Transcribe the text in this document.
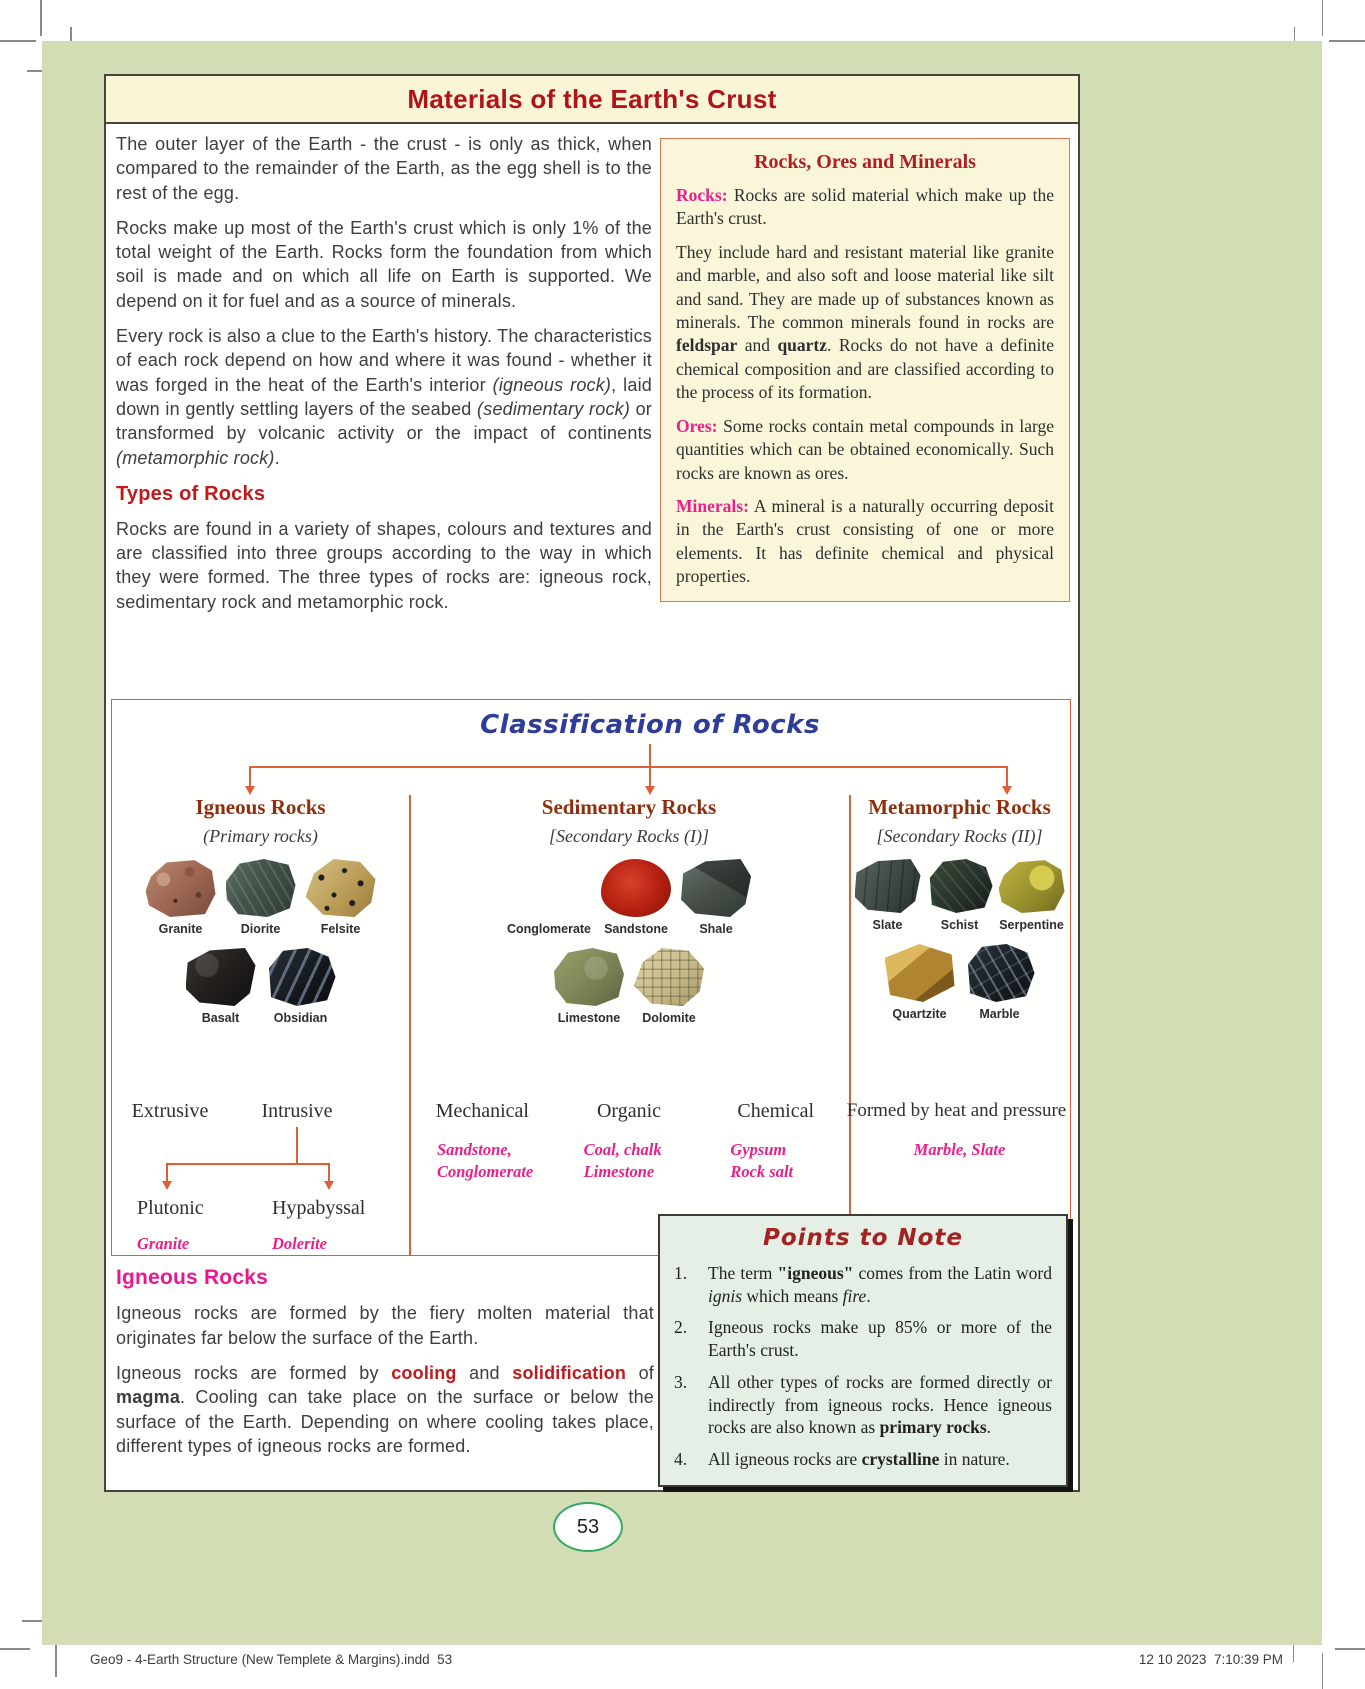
Materials of the Earth's Crust

The outer layer of the Earth - the crust - is only as thick, when compared to the remainder of the Earth, as the egg shell is to the rest of the egg.

Rocks make up most of the Earth's crust which is only 1% of the total weight of the Earth. Rocks form the foundation from which soil is made and on which all life on Earth is supported. We depend on it for fuel and as a source of minerals.

Every rock is also a clue to the Earth's history. The characteristics of each rock depend on how and where it was found - whether it was forged in the heat of the Earth's interior (igneous rock), laid down in gently settling layers of the seabed (sedimentary rock) or transformed by volcanic activity or the impact of continents (metamorphic rock).

Types of Rocks

Rocks are found in a variety of shapes, colours and textures and are classified into three groups according to the way in which they were formed. The three types of rocks are: igneous rock, sedimentary rock and metamorphic rock.

Rocks, Ores and Minerals

Rocks: Rocks are solid material which make up the Earth's crust.

They include hard and resistant material like granite and marble, and also soft and loose material like silt and sand. They are made up of substances known as minerals. The common minerals found in rocks are feldspar and quartz. Rocks do not have a definite chemical composition and are classified according to the process of its formation.

Ores: Some rocks contain metal compounds in large quantities which can be obtained economically. Such rocks are known as ores.

Minerals: A mineral is a naturally occurring deposit in the Earth's crust consisting of one or more elements. It has definite chemical and physical properties.

Classification of Rocks
Igneous Rocks
(Primary rocks)
Granite	Diorite	Felsite
Basalt	Obsidian
Extrusive	Intrusive
Plutonic	Hypabyssal
Granite	Dolerite
Sedimentary Rocks
[Secondary Rocks (I)]
Conglomerate Sandstone	Shale
Limestone Dolomite
Mechanical	Organic	Chemical
Sandstone,
Conglomerate
Coal, chalk
Limestone
Gypsum
Rock salt
Metamorphic Rocks
[Secondary Rocks (II)]
Slate	Schist Serpentine
Quartzite	Marble
Formed by heat and pressure
Marble, Slate
Points to Note
1.	The term "igneous" comes from the Latin word ignis which means fire.
2.	Igneous rocks make up 85% or more of the Earth's crust.
3.	All other types of rocks are formed directly or indirectly from igneous rocks. Hence igneous rocks are also known as primary rocks.
4.	All igneous rocks are crystalline in nature.
Igneous Rocks

Igneous rocks are formed by the fiery molten material that originates far below the surface of the Earth.

Igneous rocks are formed by cooling and solidification of magma. Cooling can take place on the surface or below the surface of the Earth. Depending on where cooling takes place, different types of igneous rocks are formed.

53
Geo9 - 4-Earth Structure (New Templete & Margins).indd  53	12 10 2023  7:10:39 PM
